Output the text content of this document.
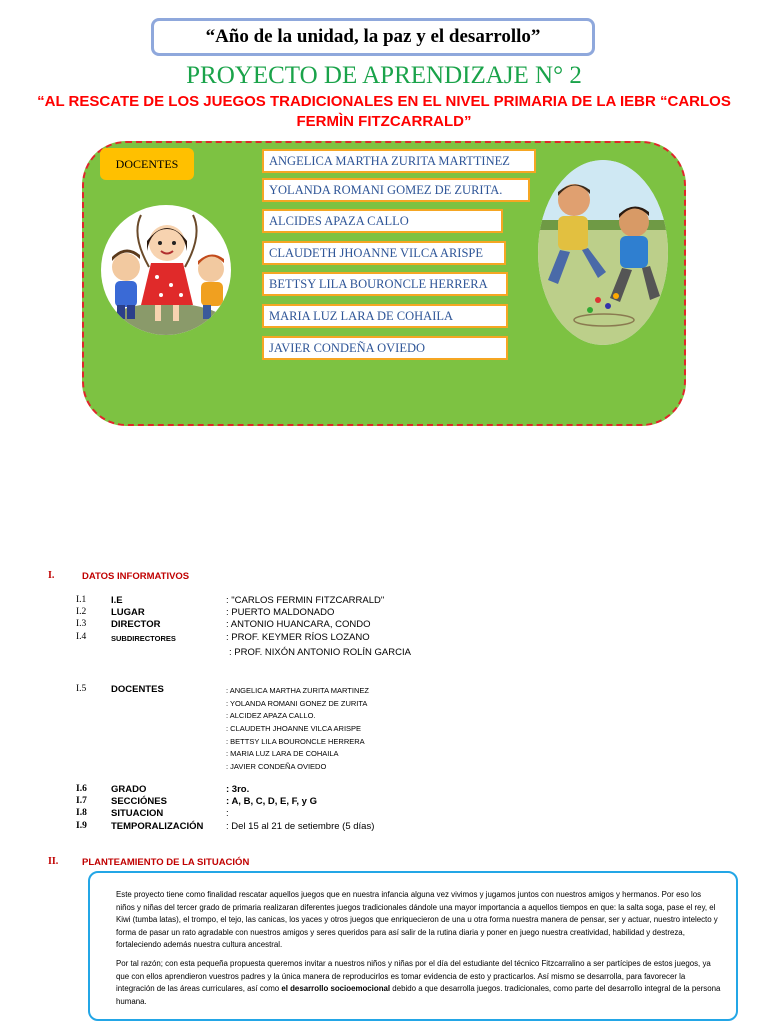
“Año de la unidad, la paz y el desarrollo”
PROYECTO DE APRENDIZAJE N° 2
“AL RESCATE DE LOS JUEGOS TRADICIONALES EN EL NIVEL PRIMARIA DE LA IEBR “CARLOS FERMÌN FITZCARRALD”
DOCENTES	ANGELICA MARTHA ZURITA MARTTINEZ
YOLANDA ROMANI GOMEZ DE ZURITA.
ALCIDES APAZA CALLO
CLAUDETH JHOANNE VILCA ARISPE
BETTSY LILA BOURONCLE HERRERA
MARIA LUZ LARA DE COHAILA
JAVIER CONDEÑA OVIEDO
I.	DATOS INFORMATIVOS
I.1	I.E	: "CARLOS FERMIN FITZCARRALD"
I.2	LUGAR	: PUERTO MALDONADO
I.3	DIRECTOR	: ANTONIO HUANCARA, CONDO
I.4	SUBDIRECTORES	: PROF. KEYMER RÍOS LOZANO
: PROF. NIXÓN ANTONIO ROLÍN GARCIA
I.5	DOCENTES	: ANGELICA MARTHA ZURITA MARTINEZ
: YOLANDA ROMANI GONEZ DE ZURITA
: ALCIDEZ APAZA CALLO.
: CLAUDETH JHOANNE VILCA ARISPE
: BETTSY LILA BOURONCLE HERRERA
: MARIA LUZ LARA DE COHAILA
: JAVIER CONDEÑA OVIEDO
I.6	GRADO	: 3ro.
I.7	SECCIÓNES	: A, B, C, D, E, F, y G
I.8	SITUACION	:
I.9	TEMPORALIZACIÓN : Del 15 al 21 de setiembre (5 días)
II. PLANTEAMIENTO DE LA SITUACIÓN

Este proyecto tiene como finalidad rescatar aquellos juegos que en nuestra infancia alguna vez vivimos y jugamos juntos con nuestros amigos y hermanos. Por eso los niños y niñas del tercer grado de primaria realizaran diferentes juegos tradicionales dándole una mayor importancia a aquellos tiempos en que: la salta soga, pase el rey, el Kiwi (tumba latas), el trompo, el tejo, las canicas, los yaces y otros juegos que enriquecieron de una u otra forma nuestra manera de pensar, ser y actuar, nuestro intelecto y forma de pasar un rato agradable con nuestros amigos y seres queridos para así salir de la rutina diaria y poner en juego nuestra creatividad, habilidad y destreza, fortaleciendo además nuestra cultura ancestral.

Por tal razón; con esta pequeña propuesta queremos invitar a nuestros niños y niñas por el día del estudiante del técnico Fitzcarralino a ser partícipes de estos juegos, ya que con ellos aprendieron vuestros padres y la única manera de reproducirlos es tomar evidencia de esto y practicarlos. Así mismo se desarrolla, para favorecer la integración de las áreas curriculares, así como el desarrollo socioemocional debido a que desarrolla juegos. tradicionales, como parte del desarrollo integral de la persona humana.
